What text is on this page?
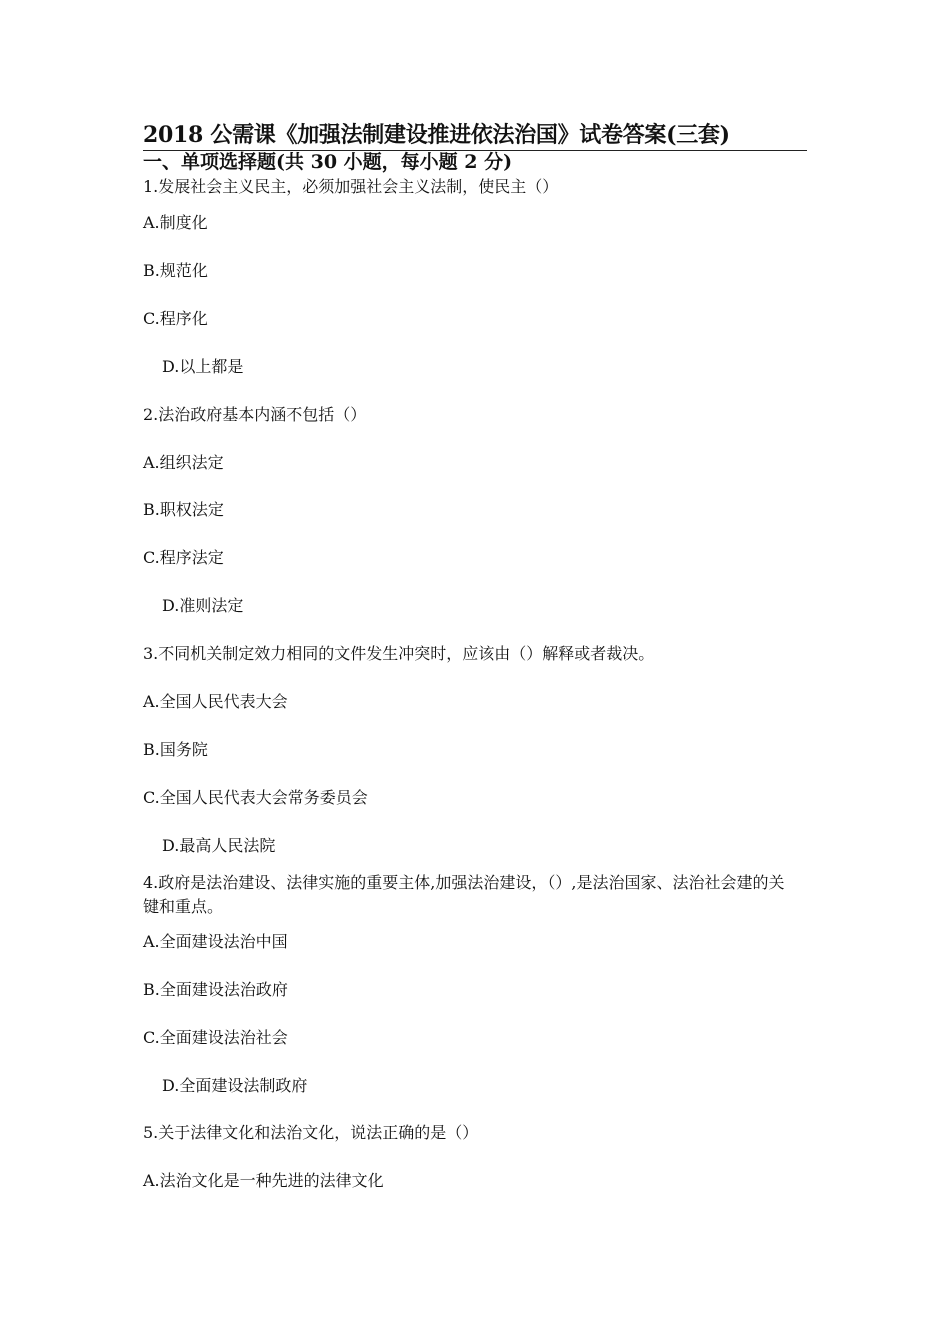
2018 公需课《加强法制建设推进依法治国》试卷答案(三套)
一、单项选择题(共 30 小题，每小题 2 分)
1.发展社会主义民主，必须加强社会主义法制，使民主（）
A.制度化
B.规范化
C.程序化
D.以上都是
2.法治政府基本内涵不包括（）
A.组织法定
B.职权法定
C.程序法定
D.准则法定
3.不同机关制定效力相同的文件发生冲突时，应该由（）解释或者裁决。
A.全国人民代表大会
B.国务院
C.全国人民代表大会常务委员会
D.最高人民法院
4.政府是法治建设、法律实施的重要主体,加强法治建设，（）,是法治国家、法治社会建的关键和重点。
A.全面建设法治中国
B.全面建设法治政府
C.全面建设法治社会
D.全面建设法制政府
5.关于法律文化和法治文化，说法正确的是（）
A.法治文化是一种先进的法律文化
